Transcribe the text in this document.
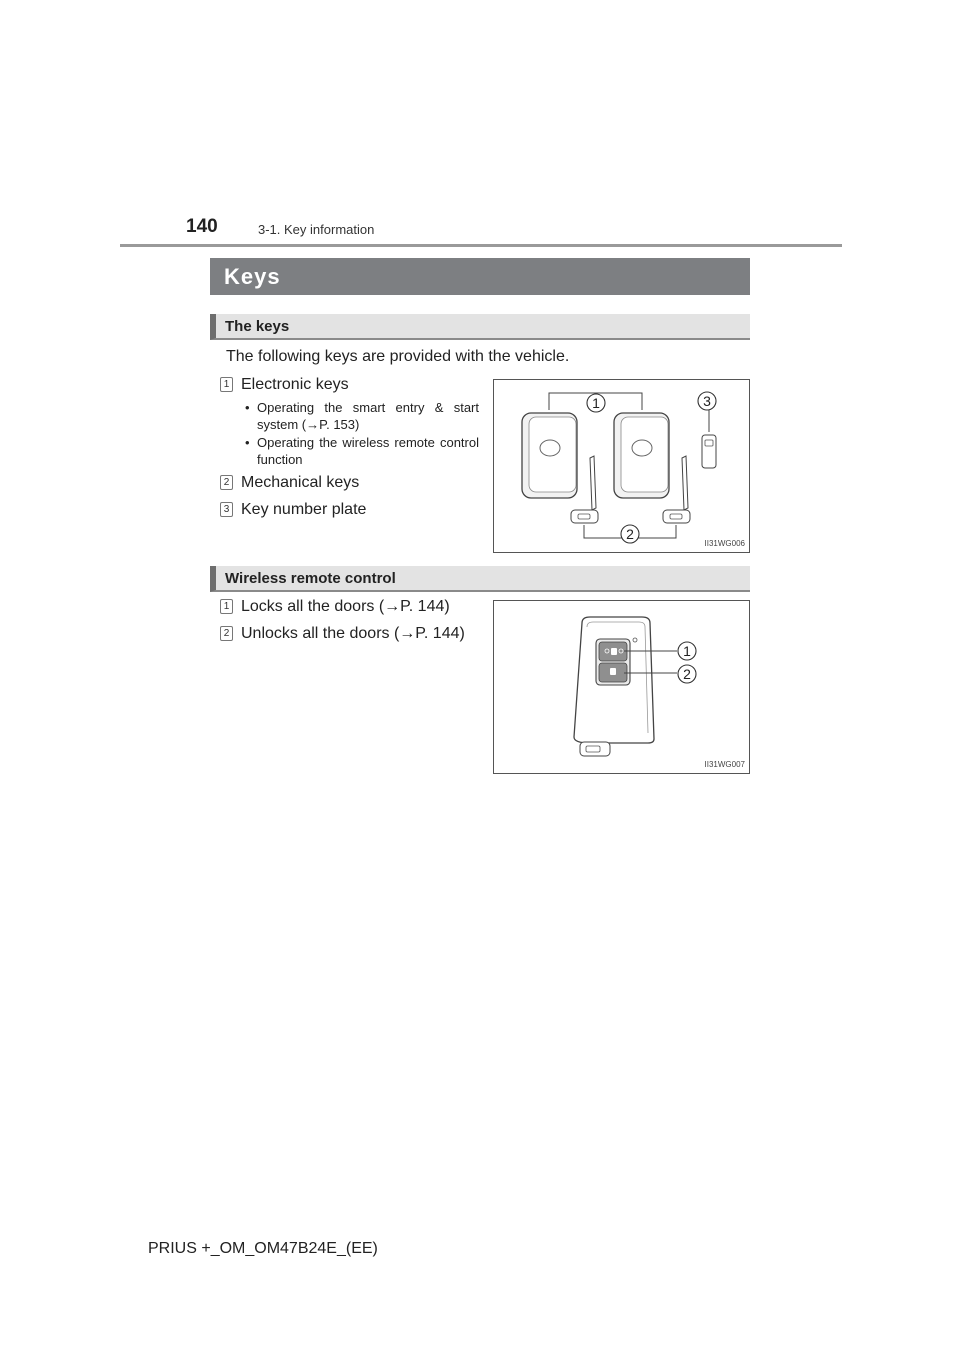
140	3-1. Key information
Keys
The keys
The following keys are provided with the vehicle.
1 Electronic keys
• Operating the smart entry & start system (→P. 153)
• Operating the wireless remote control function
2 Mechanical keys
3 Key number plate
1	3
2
II31WG006
Wireless remote control
1 Locks all the doors (→P. 144)
2 Unlocks all the doors (→P. 144)
1
2
II31WG007
PRIUS +_OM_OM47B24E_(EE)
